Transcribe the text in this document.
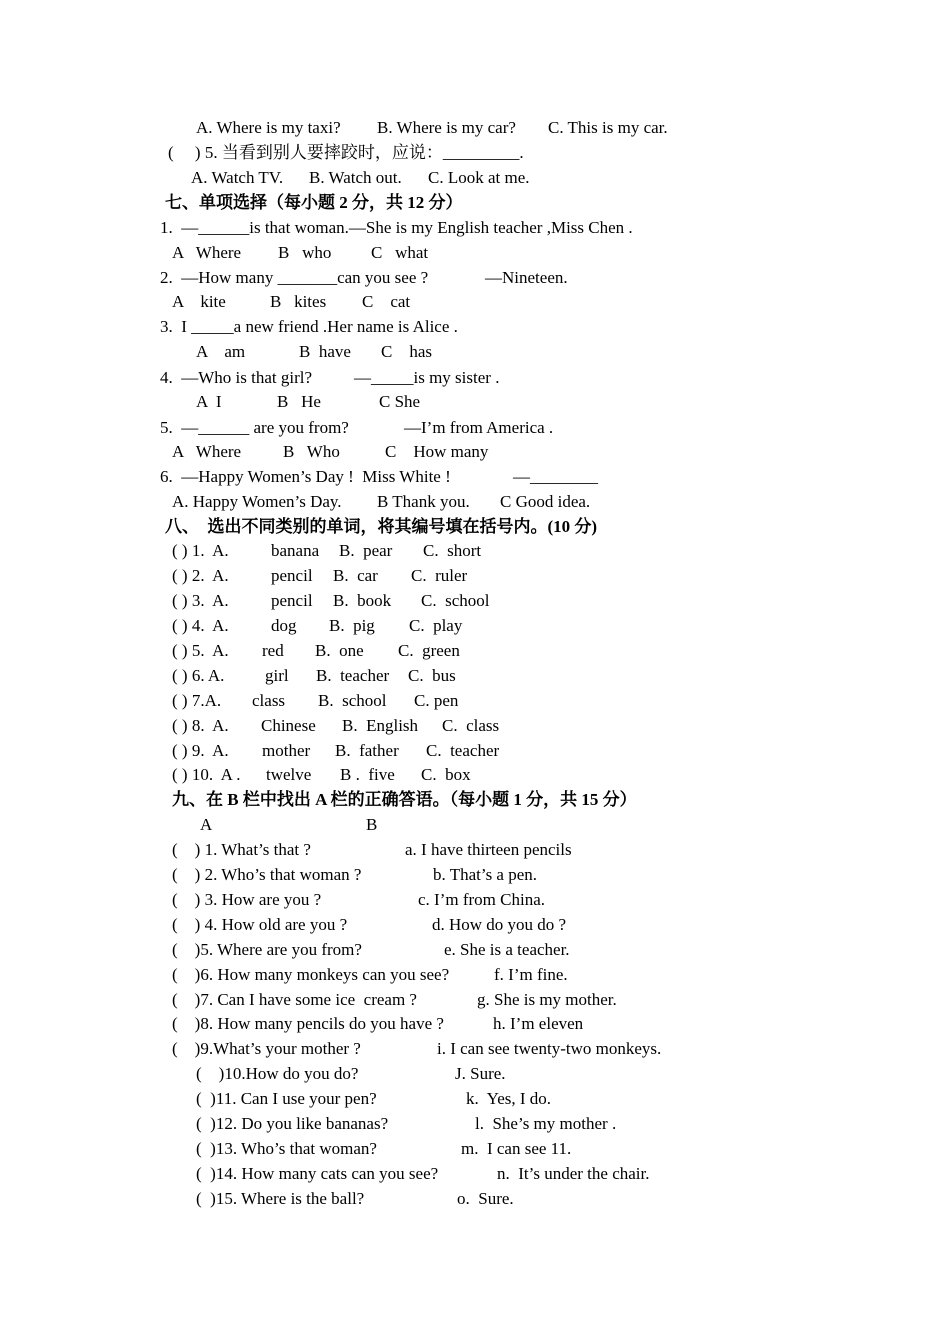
A. Where is my taxi? B. Where is my car? C. This is my car.
(     ) 5. 当看到别人要摔跤时，应说：_________.
A. Watch TV. B. Watch out. C. Look at me.
七、单项选择（每小题 2 分，共 12 分）
1.  —______is that woman.—She is my English teacher ,Miss Chen .
A   Where B   who C   what
2.  —How many _______can you see ?	—Nineteen.
A    kite	B   kites C    cat
3.  I _____a new friend .Her name is Alice .
A    am	B  have C    has
4.  —Who is that girl? —_____is my sister .
A  I	B   He	C She
5.  —______ are you from?	—I’m from America .
A   Where B   Who	C    How many
6.  —Happy Women’s Day !  Miss White !	—________
A. Happy Women’s Day. B Thank you. C Good idea.
八、  选出不同类别的单词，将其编号填在括号内。(10 分)
( ) 1.  A. banana B.  pear C.  short
( ) 2.  A. pencil B.  car C.  ruler
( ) 3.  A. pencil B.  book C.  school
( ) 4.  A. dog B.  pig C.  play
( ) 5.  A. red B.  one C.  green
( ) 6. A. girl B.  teacher C.  bus
( ) 7.A. class B.  school C. pen
( ) 8.  A. Chinese B.  English C.  class
( ) 9.  A. mother B.  father C.  teacher
( ) 10.  A . twelve B .  five C.  box
九、在 B 栏中找出 A 栏的正确答语。（每小题 1 分，共 15 分）
A	B
(    ) 1. What’s that ?	a. I have thirteen pencils
(    ) 2. Who’s that woman ?	b. That’s a pen.
(    ) 3. How are you ?	c. I’m from China.
(    ) 4. How old are you ?	d. How do you do ?
(    )5. Where are you from?	e. She is a teacher.
(    )6. How many monkeys can you see?	f. I’m fine.
(    )7. Can I have some ice  cream ?	g. She is my mother.
(    )8. How many pencils do you have ?	h. I’m eleven
(    )9.What’s your mother ?	i. I can see twenty-two monkeys.
(    )10.How do you do?	J. Sure.
(  )11. Can I use your pen?	k.  Yes, I do.
(  )12. Do you like bananas?	l.  She’s my mother .
(  )13. Who’s that woman?	m.  I can see 11.
(  )14. How many cats can you see?	n.  It’s under the chair.
(  )15. Where is the ball?	o.  Sure.
